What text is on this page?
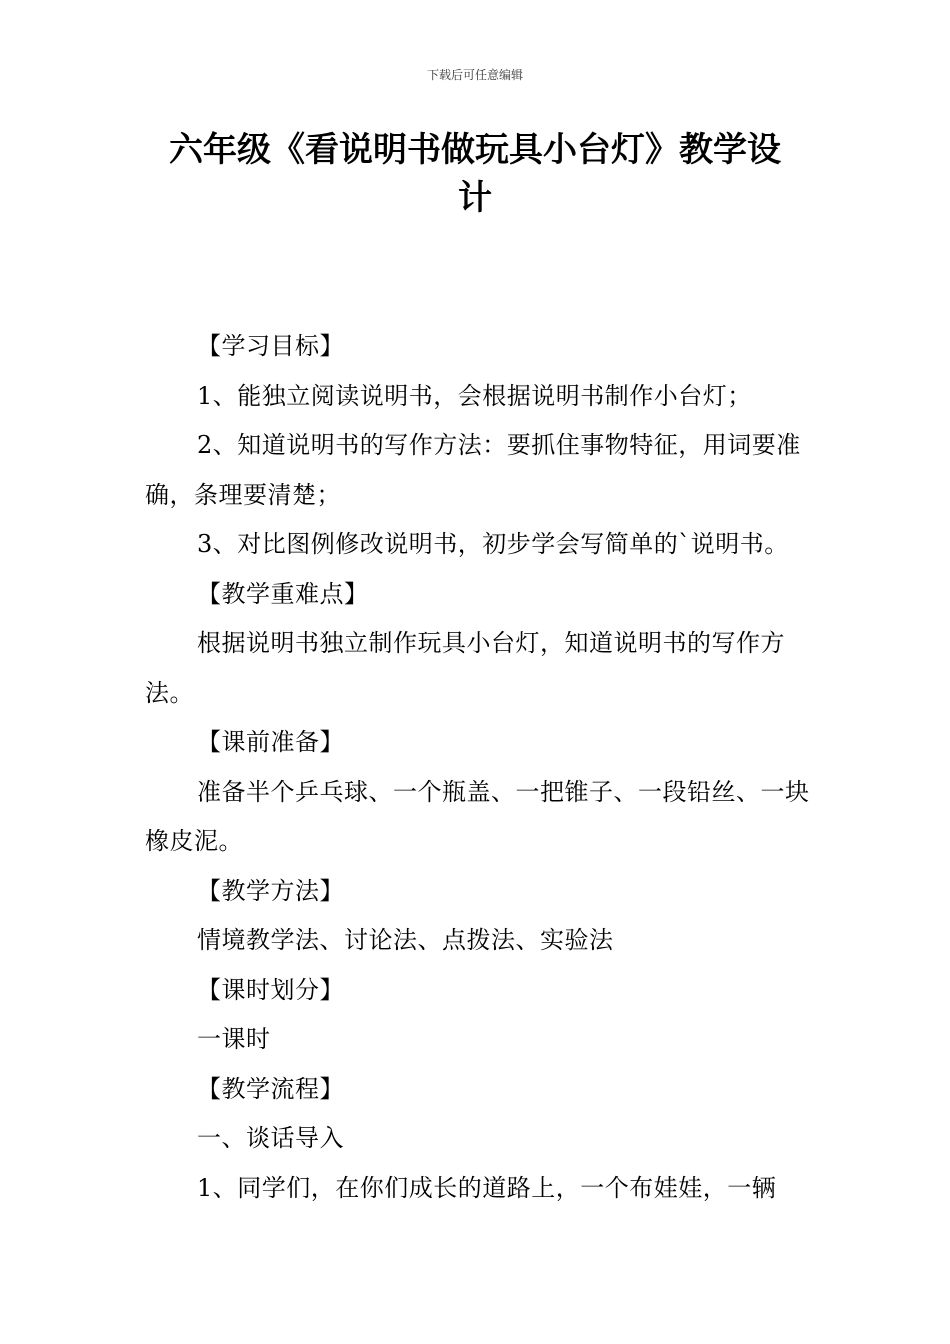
下载后可任意编辑
六年级《看说明书做玩具小台灯》教学设
计

【学习目标】

1、能独立阅读说明书，会根据说明书制作小台灯；

2、知道说明书的写作方法：要抓住事物特征，用词要准确，条理要清楚；

3、对比图例修改说明书，初步学会写简单的`说明书。

【教学重难点】

根据说明书独立制作玩具小台灯，知道说明书的写作方法。

【课前准备】

准备半个乒乓球、一个瓶盖、一把锥子、一段铅丝、一块橡皮泥。

【教学方法】

情境教学法、讨论法、点拨法、实验法

【课时划分】

一课时

【教学流程】

一、谈话导入

1、同学们，在你们成长的道路上，一个布娃娃，一辆
